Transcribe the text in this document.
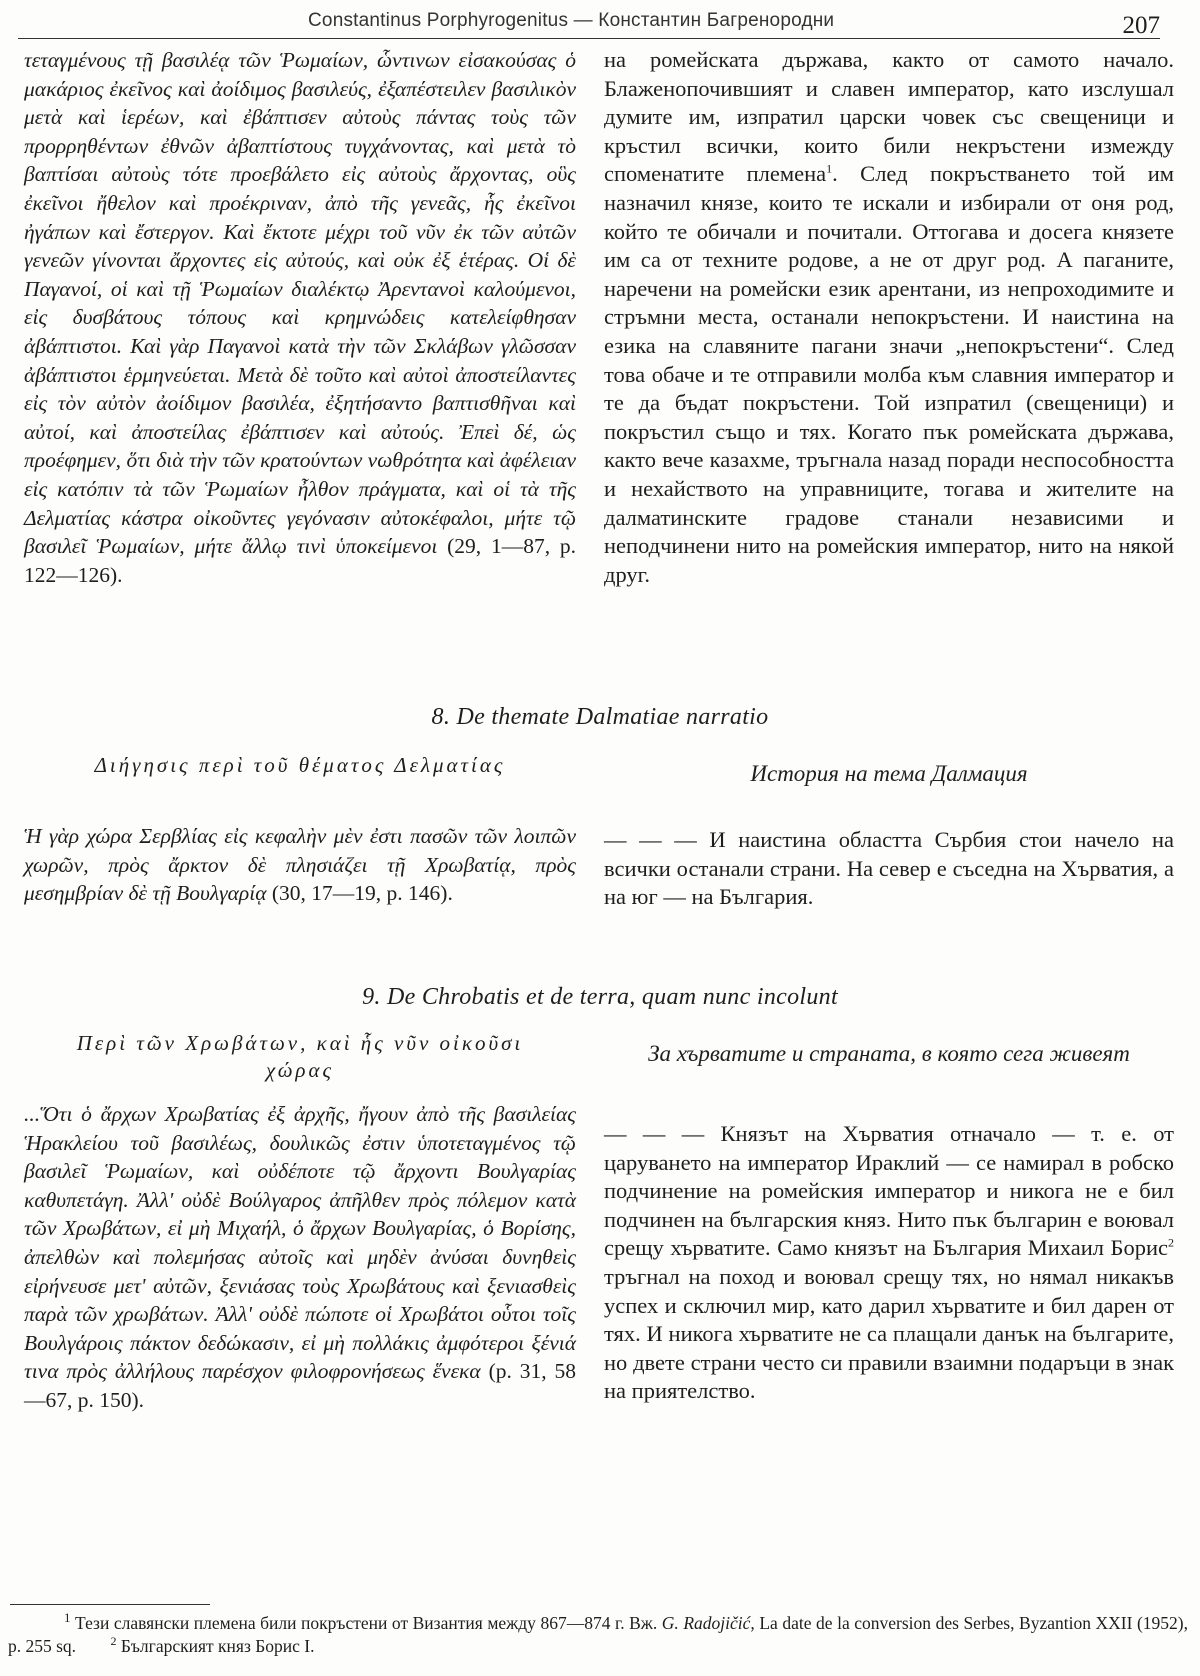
Constantinus Porphyrogenitus — Константин Багренородни	207
τεταγμένους τῇ βασιλέᾳ τῶν Ῥωμαίων, ὧντινων εἰσακούσας ὁ μακάριος ἐκεῖνος καὶ ἀοίδιμος βασιλεύς, ἐξαπέστειλεν βασιλικὸν μετὰ καὶ ἱερέων, καὶ ἐβάπτισεν αὐτοὺς πάντας τοὺς τῶν προρρηθέντων ἐθνῶν ἀβαπτίστους τυγχάνοντας, καὶ μετὰ τὸ βαπτίσαι αὐτοὺς τότε προεβάλετο εἰς αὐτοὺς ἄρχοντας, οὓς ἐκεῖνοι ἤθελον καὶ προέκριναν, ἀπὸ τῆς γενεᾶς, ἧς ἐκεῖνοι ἠγάπων καὶ ἔστεργον. Καὶ ἔκτοτε μέχρι τοῦ νῦν ἐκ τῶν αὐτῶν γενεῶν γίνονται ἄρχοντες εἰς αὐτούς, καὶ οὐκ ἐξ ἑτέρας. Οἱ δὲ Παγανοί, οἱ καὶ τῇ Ῥωμαίων διαλέκτῳ Ἀρεντανοὶ καλούμενοι, εἰς δυσβάτους τόπους καὶ κρημνώδεις κατελείφθησαν ἀβάπτιστοι. Καὶ γὰρ Παγανοὶ κατὰ τὴν τῶν Σκλάβων γλῶσσαν ἀβάπτιστοι ἑρμηνεύεται. Μετὰ δὲ τοῦτο καὶ αὐτοὶ ἀποστείλαντες εἰς τὸν αὐτὸν ἀοίδιμον βασιλέα, ἐξητήσαντο βαπτισθῆναι καὶ αὐτοί, καὶ ἀποστείλας ἐβάπτισεν καὶ αὐτούς. Ἐπεὶ δέ, ὡς προέφημεν, ὅτι διὰ τὴν τῶν κρατούντων νωθρότητα καὶ ἀφέλειαν εἰς κατόπιν τὰ τῶν Ῥωμαίων ἦλθον πράγματα, καὶ οἱ τὰ τῆς Δελματίας κάστρα οἰκοῦντες γεγόνασιν αὐτοκέφαλοι, μήτε τῷ βασιλεῖ Ῥωμαίων, μήτε ἄλλῳ τινὶ ὑποκείμενοι (29, 1—87, p. 122—126).
на ромейската държава, както от самото начало. Блаженопочившият и славен император, като изслушал думите им, изпратил царски човек със свещеници и кръстил всички, които били некръстени измежду споменатите племена$^1$. След покръстването той им назначил князе, които те искали и избирали от оня род, който те обичали и почитали. Оттогава и досега князете им са от техните родове, а не от друг род. А паганите, наречени на ромейски език арентани, из непроходимите и стръмни места, останали непокръстени. И наистина на езика на славяните пагани значи „непокръстени“. След това обаче и те отправили молба към славния император и те да бъдат покръстени. Той изпратил (свещеници) и покръстил също и тях. Когато пък ромейската държава, както вече казахме, тръгнала назад поради неспособността и нехайството на управниците, тогава и жителите на далматинските градове станали независими и неподчинени нито на ромейския император, нито на някой друг.
8. De themate Dalmatiae narratio
Διήγησις περὶ τοῦ θέματος Δελματίας	История на тема Далмация
Ἡ γὰρ χώρα Σερβλίας εἰς κεφαλὴν μὲν ἐστι πασῶν τῶν λοιπῶν χωρῶν, πρὸς ἄρκτον δὲ πλησιάζει τῇ Χρωβατίᾳ, πρὸς μεσημβρίαν δὲ τῇ Βουλγαρίᾳ (30, 17—19, p. 146).
— — — И наистина областта Сърбия стои начело на всички останали страни. На север е съседна на Хърватия, а на юг — на България.
9. De Chrobatis et de terra, quam nunc incolunt
Περὶ τῶν Χρωβάτων, καὶ ἧς νῦν οἰκοῦσι χώρας
За хърватите и страната, в която сега живеят
...Ὅτι ὁ ἄρχων Χρωβατίας ἐξ ἀρχῆς, ἤγουν ἀπὸ τῆς βασιλείας Ἡρακλείου τοῦ βασιλέως, δουλικῶς ἐστιν ὑποτεταγμένος τῷ βασιλεῖ Ῥωμαίων, καὶ οὐδέποτε τῷ ἄρχοντι Βουλγαρίας καθυπετάγη. Ἀλλ' οὐδὲ Βούλγαρος ἀπῆλθεν πρὸς πόλεμον κατὰ τῶν Χρωβάτων, εἰ μὴ Μιχαήλ, ὁ ἄρχων Βουλγαρίας, ὁ Βορίσης, ἀπελθὼν καὶ πολεμήσας αὐτοῖς καὶ μηδὲν ἀνύσαι δυνηθεὶς εἰρήνευσε μετ' αὐτῶν, ξενιάσας τοὺς Χρωβάτους καὶ ξενιασθεὶς παρὰ τῶν χρωβάτων. Ἀλλ' οὐδὲ πώποτε οἱ Χρωβάτοι οὗτοι τοῖς Βουλγάροις πάκτον δεδώκασιν, εἰ μὴ πολλάκις ἀμφότεροι ξένιά τινα πρὸς ἀλλήλους παρέσχον φιλοφρονήσεως ἕνεκα (p. 31, 58—67, p. 150).
— — — Князът на Хърватия отначало — т. е. от царуването на император Ираклий — се намирал в робско подчинение на ромейския император и никога не е бил подчинен на българския княз. Нито пък българин е воювал срещу хърватите. Само князът на България Михаил Борис$^2$ тръгнал на поход и воювал срещу тях, но нямал никакъв успех и сключил мир, като дарил хърватите и бил дарен от тях. И никога хърватите не са плащали данък на българите, но двете страни често си правили взаимни подаръци в знак на приятелство.
1 Тези славянски племена били покръстени от Византия между 867—874 г. Вж. G. Radojičić, La date de la conversion des Serbes, Byzantion XXII (1952), p. 255 sq.	$^2$ Българският княз Борис I.
